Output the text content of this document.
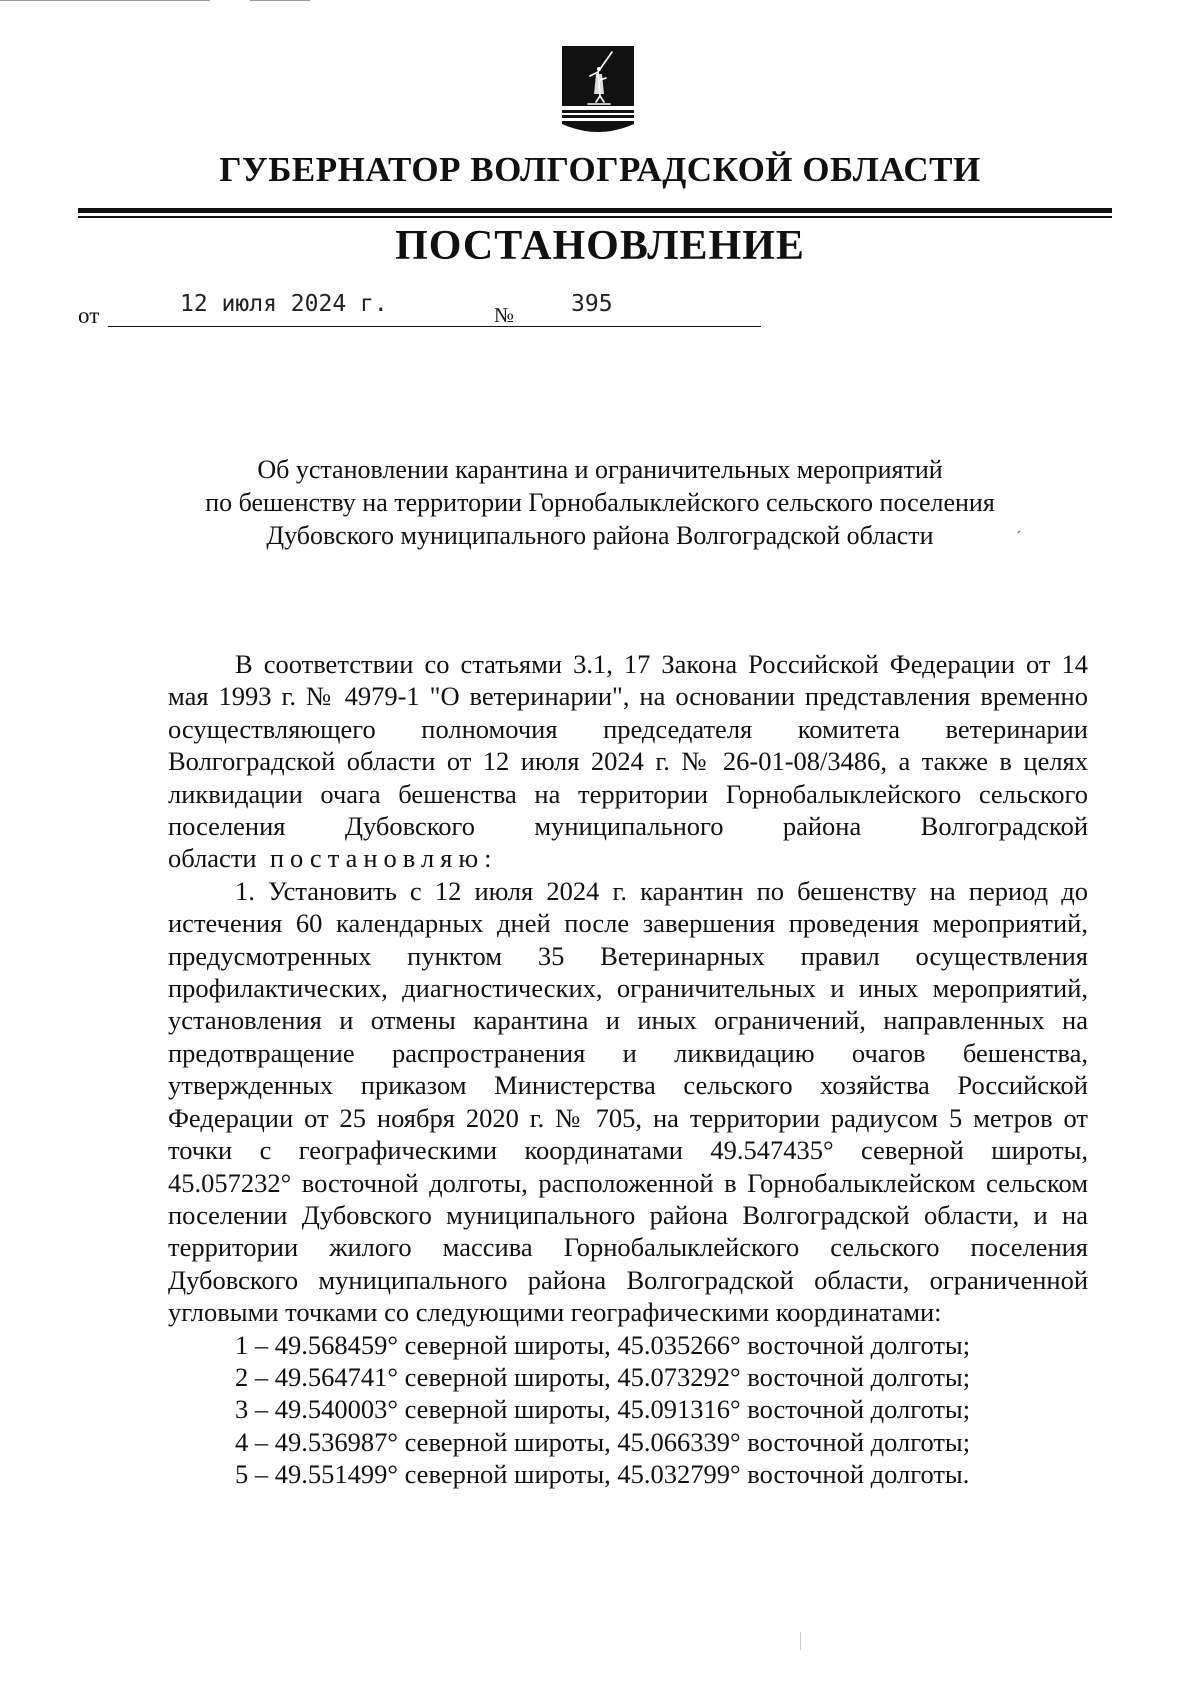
ГУБЕРНАТОР ВОЛГОГРАДСКОЙ ОБЛАСТИ
ПОСТАНОВЛЕНИЕ
от	12 июля 2024 г.	№ 395
Об установлении карантина и ограничительных мероприятий
по бешенству на территории Горнобалыклейского сельского поселения
Дубовского муниципального района Волгоградской области	´

В соответствии со статьями 3.1, 17 Закона Российской Федерации от 14 мая 1993 г. № 4979-1 "О ветеринарии", на основании представления временно осуществляющего полномочия председателя комитета ветеринарии Волгоградской области от 12 июля 2024 г. № 26-01-08/3486, а также в целях ликвидации очага бешенства на территории Горнобалыклейского сельского поселения Дубовского муниципального района Волгоградской области постановляю:

1. Установить с 12 июля 2024 г. карантин по бешенству на период до истечения 60 календарных дней после завершения проведения мероприятий, предусмотренных пунктом 35 Ветеринарных правил осуществления профилактических, диагностических, ограничительных и иных мероприятий, установления и отмены карантина и иных ограничений, направленных на предотвращение распространения и ликвидацию очагов бешенства, утвержденных приказом Министерства сельского хозяйства Российской Федерации от 25 ноября 2020 г. № 705, на территории радиусом 5 метров от точки с географическими координатами 49.547435° северной широты, 45.057232° восточной долготы, расположенной в Горнобалыклейском сельском поселении Дубовского муниципального района Волгоградской области, и на территории жилого массива Горнобалыклейского сельского поселения Дубовского муниципального района Волгоградской области, ограниченной угловыми точками со следующими географическими координатами:

1 – 49.568459° северной широты, 45.035266° восточной долготы;
2 – 49.564741° северной широты, 45.073292° восточной долготы;
3 – 49.540003° северной широты, 45.091316° восточной долготы;
4 – 49.536987° северной широты, 45.066339° восточной долготы;
5 – 49.551499° северной широты, 45.032799° восточной долготы.
